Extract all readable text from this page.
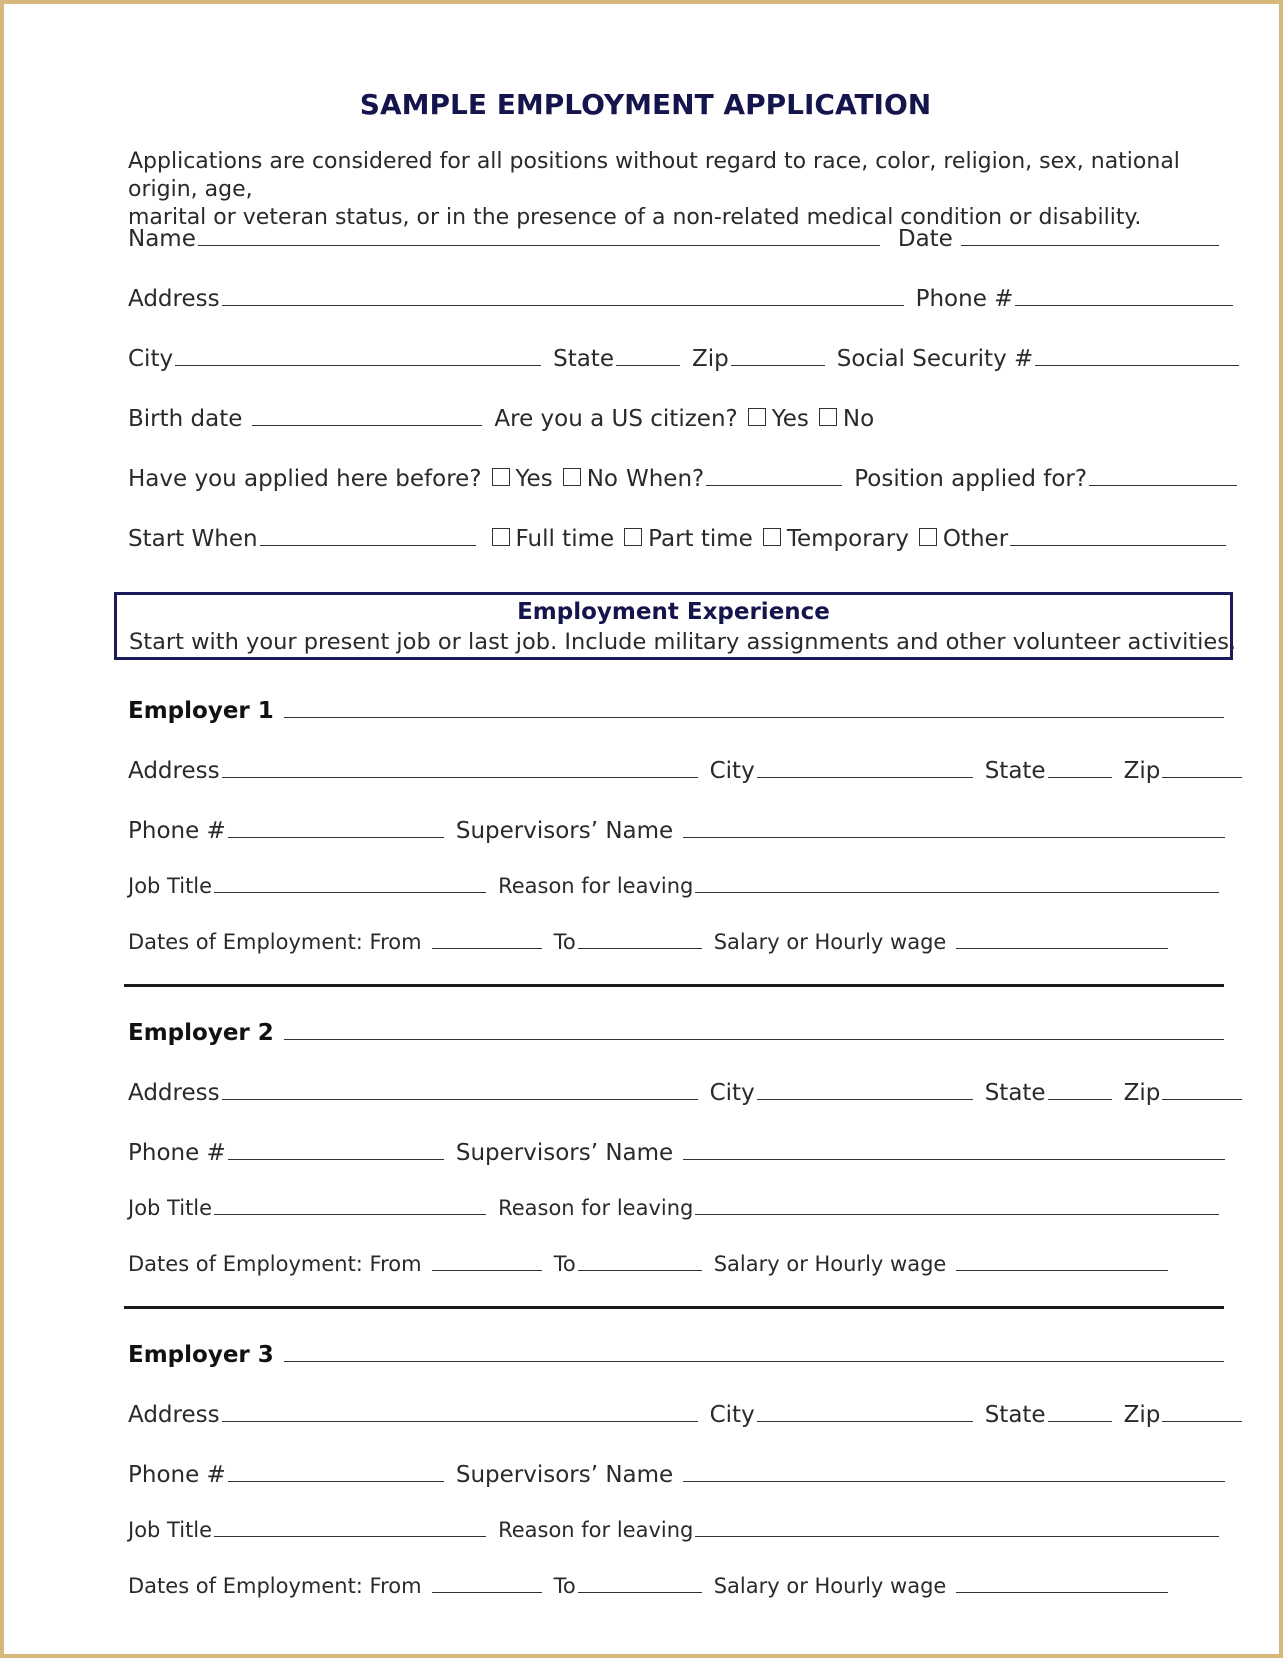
SAMPLE EMPLOYMENT APPLICATION
Applications are considered for all positions without regard to race, color, religion, sex, national origin, age,
marital or veteran status, or in the presence of a non-related medical condition or disability.
Name	Date
Address	Phone #
City	State	Zip	Social Security #
Birth date	Are you a US citizen? Yes No
Have you applied here before? Yes No When?	Position applied for?
Start When	Full time Part time Temporary Other
Employment Experience
Start with your present job or last job. Include military assignments and other volunteer activities.
Employer 1
Address	City	State	Zip
Phone #	Supervisors’ Name
Job Title	Reason for leaving
Dates of Employment: From	To	Salary or Hourly wage
Employer 2
Address	City	State	Zip
Phone #	Supervisors’ Name
Job Title	Reason for leaving
Dates of Employment: From	To	Salary or Hourly wage
Employer 3
Address	City	State	Zip
Phone #	Supervisors’ Name
Job Title	Reason for leaving
Dates of Employment: From	To	Salary or Hourly wage
